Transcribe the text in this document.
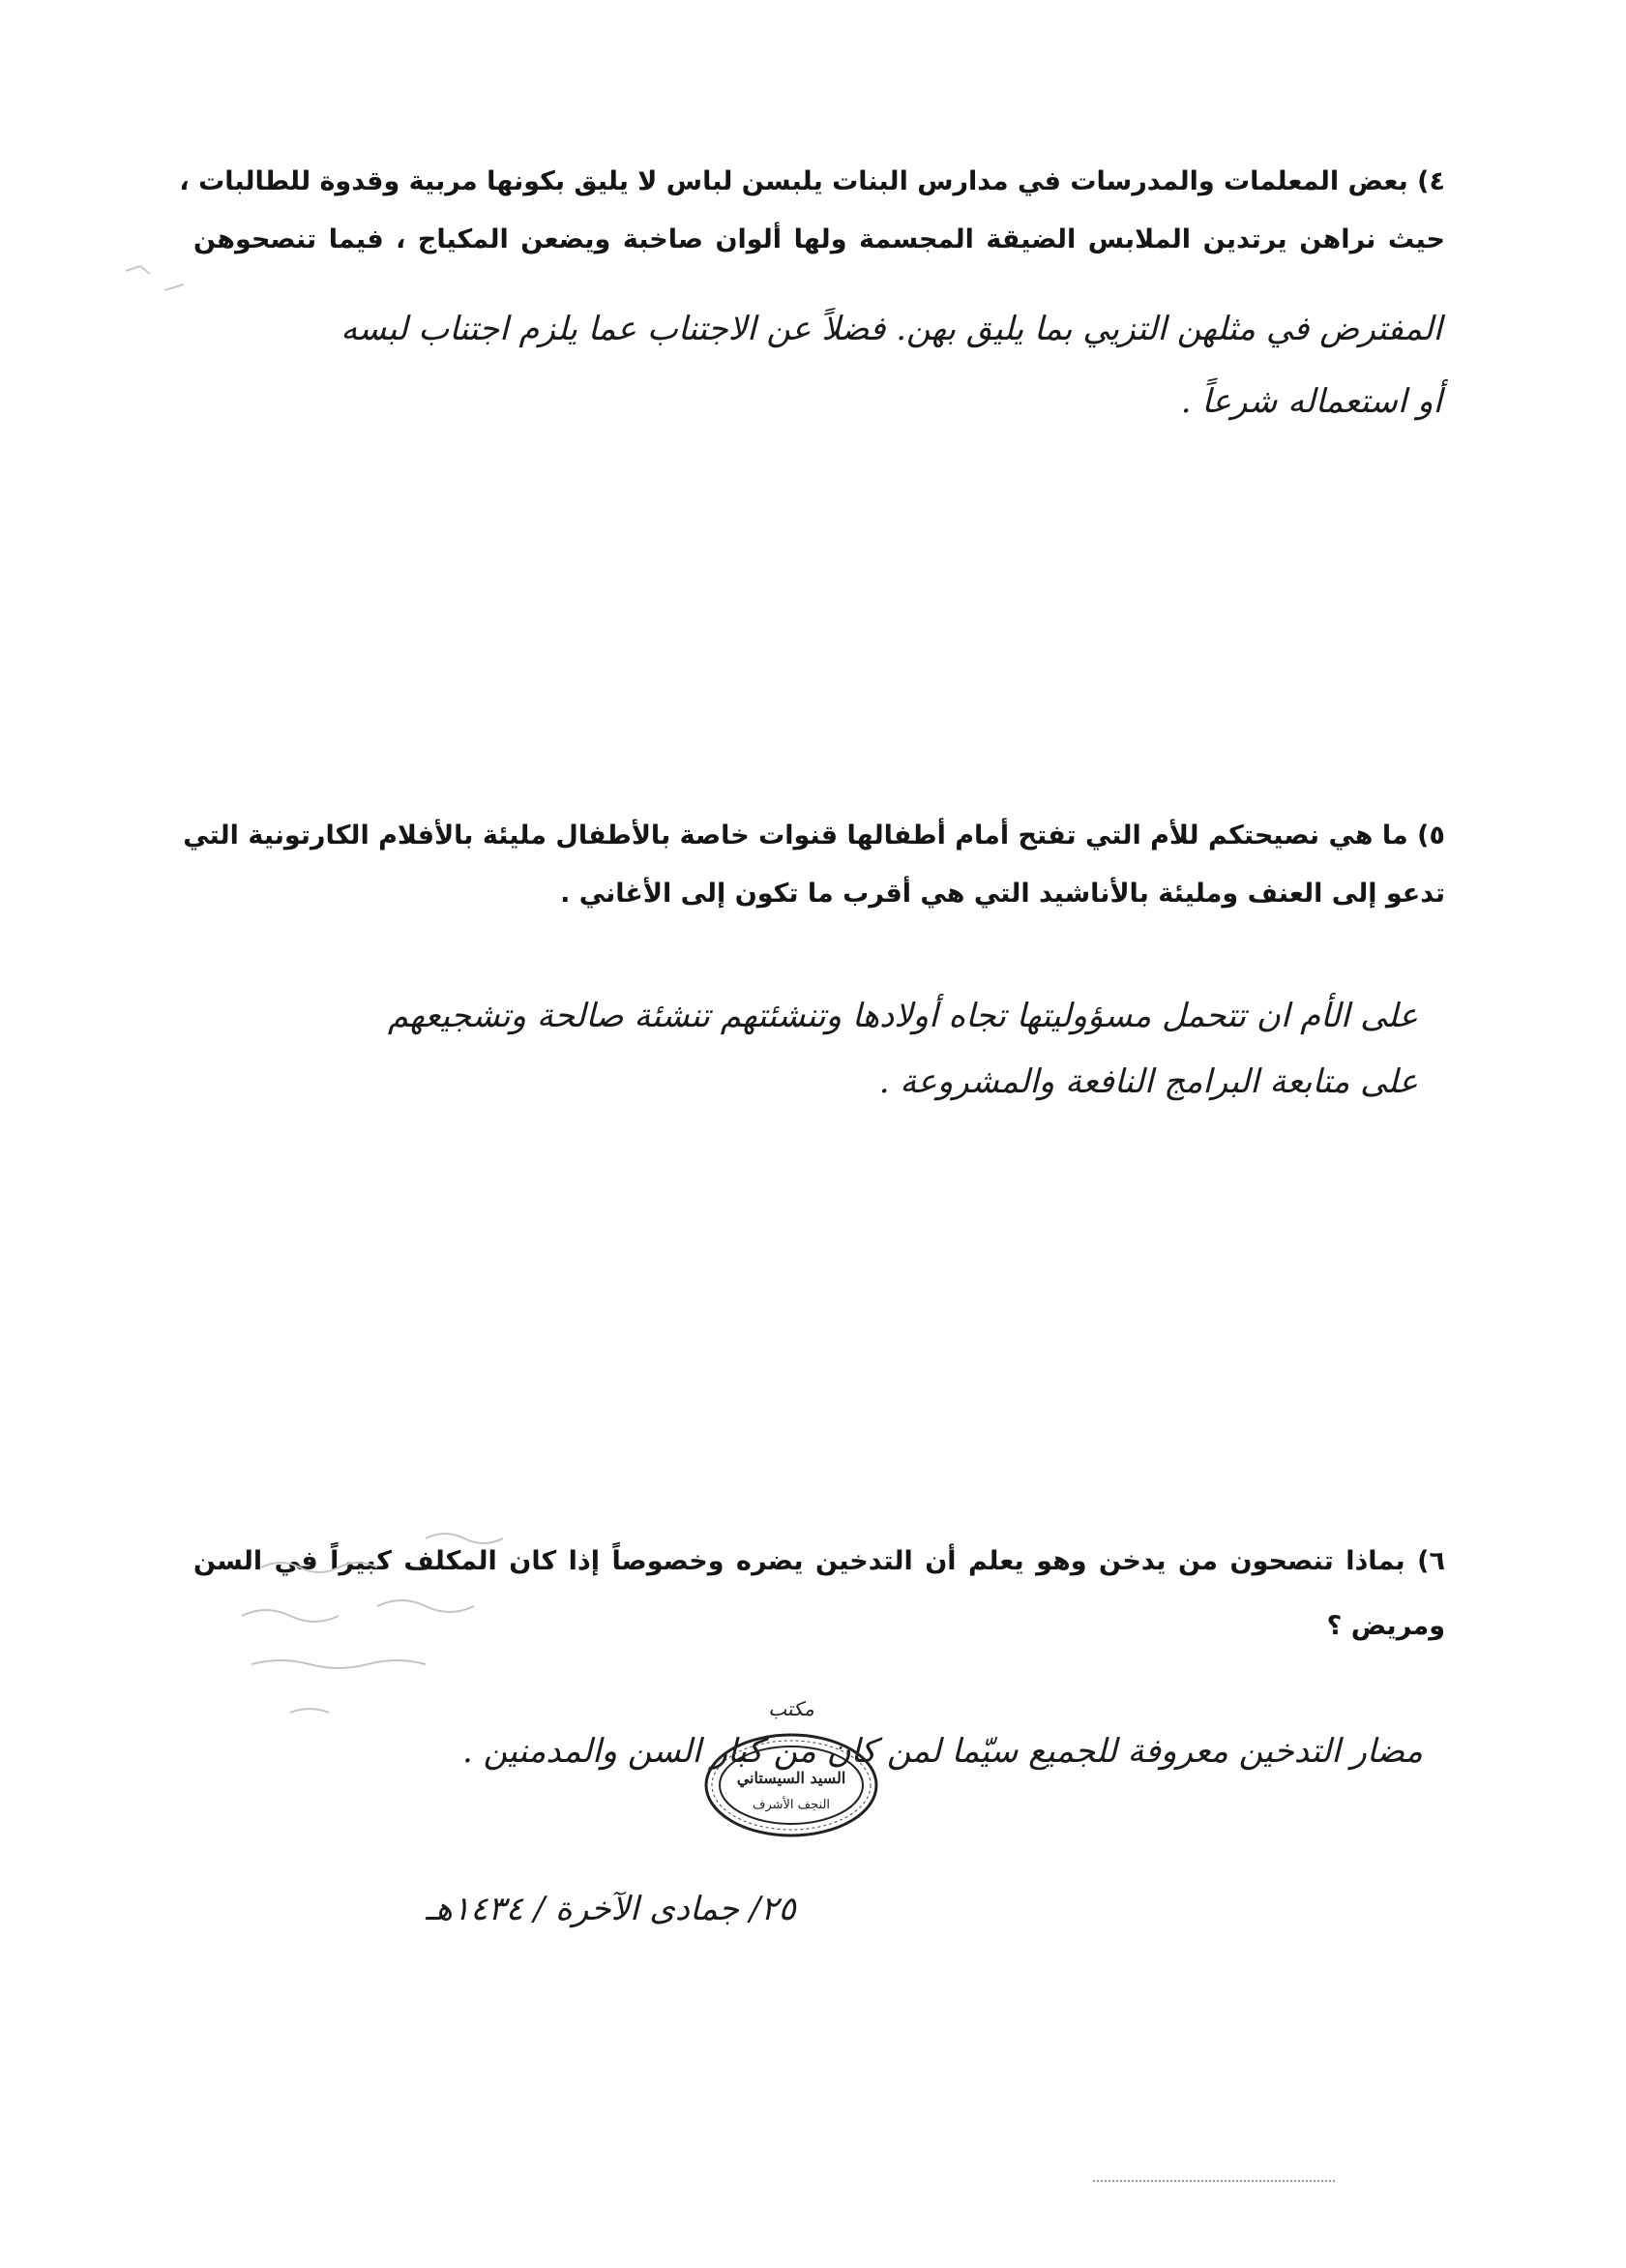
٤) بعض المعلمات والمدرسات في مدارس البنات يلبسن لباس لا يليق بكونها مربية وقدوة للطالبات ،
حيث نراهن يرتدين الملابس الضيقة المجسمة ولها ألوان صاخبة ويضعن المكياج ، فيما تنصحوهن
المفترض في مثلهن التزيي بما يليق بهن. فضلاً عن الاجتناب عما يلزم اجتناب لبسه
أو استعماله شرعاً .
٥) ما هي نصيحتكم للأم التي تفتح أمام أطفالها قنوات خاصة بالأطفال مليئة بالأفلام الكارتونية التي
تدعو إلى العنف ومليئة بالأناشيد التي هي أقرب ما تكون إلى الأغاني .
على الأم ان تتحمل مسؤوليتها تجاه أولادها وتنشئتهم تنشئة صالحة وتشجيعهم
على متابعة البرامج النافعة والمشروعة .
٦) بماذا تنصحون من يدخن وهو يعلم أن التدخين يضره وخصوصاً إذا كان المكلف كبيراً في السن
ومريض ؟
مضار التدخين معروفة للجميع سيّما لمن كان من كبار السن والمدمنين .
٢٥/ جمادى الآخرة / ١٤٣٤هـ
مكتب
السيد السيستاني
النجف الأشرف
